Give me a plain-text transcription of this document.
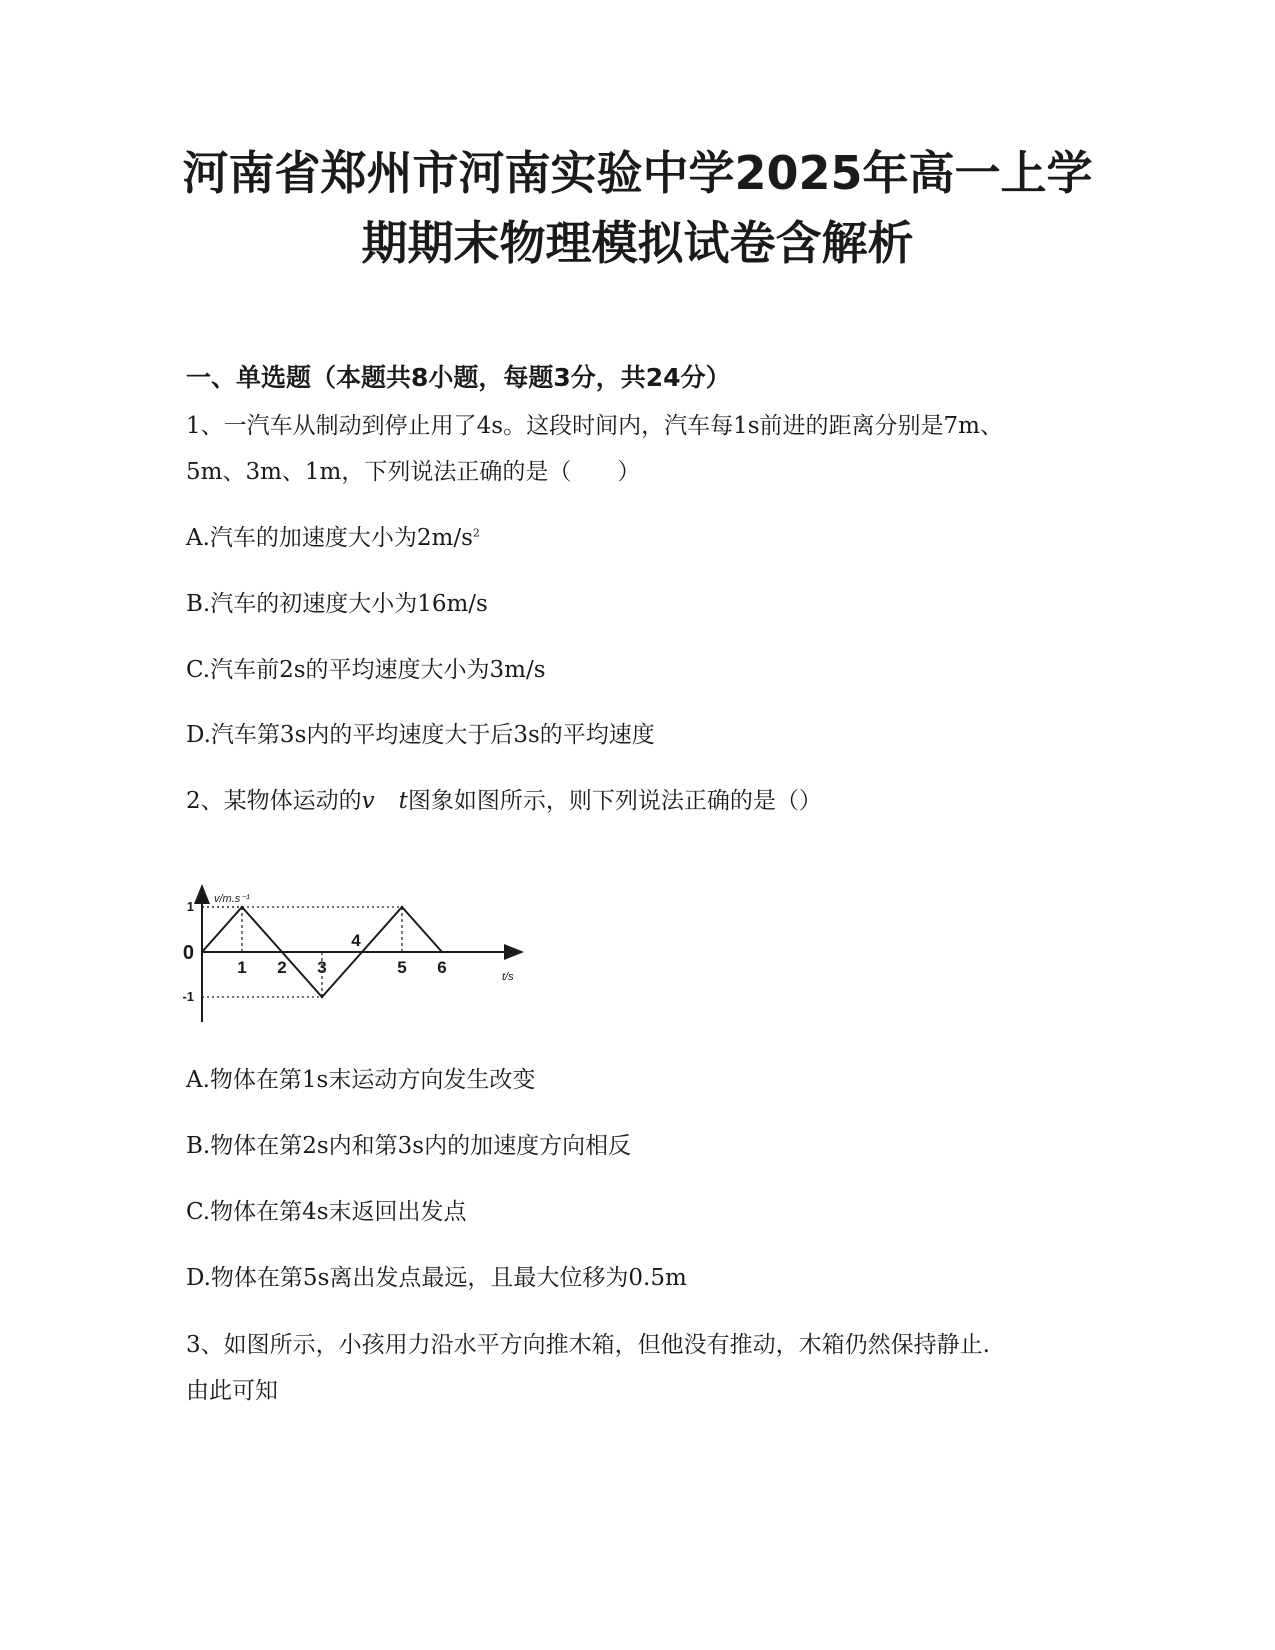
河南省郑州市河南实验中学2025年高一上学
期期末物理模拟试卷含解析
一、单选题（本题共8小题，每题3分，共24分）
1、一汽车从制动到停止用了4s。这段时间内，汽车每1s前进的距离分别是7m、
5m、3m、1m，下列说法正确的是（　　）
A.汽车的加速度大小为$2m/s^2$
B.汽车的初速度大小为16m/s
C.汽车前2s的平均速度大小为3m/s
D.汽车第3s内的平均速度大于后3s的平均速度
2、某物体运动的v t图象如图所示，则下列说法正确的是（）
1
0
-1
1 2 3
4
5 6
v/m.s⁻¹
t/s
A.物体在第1s末运动方向发生改变
B.物体在第2s内和第3s内的加速度方向相反
C.物体在第4s末返回出发点
D.物体在第5s离出发点最远，且最大位移为0.5m
3、如图所示，小孩用力沿水平方向推木箱，但他没有推动，木箱仍然保持静止.
由此可知
